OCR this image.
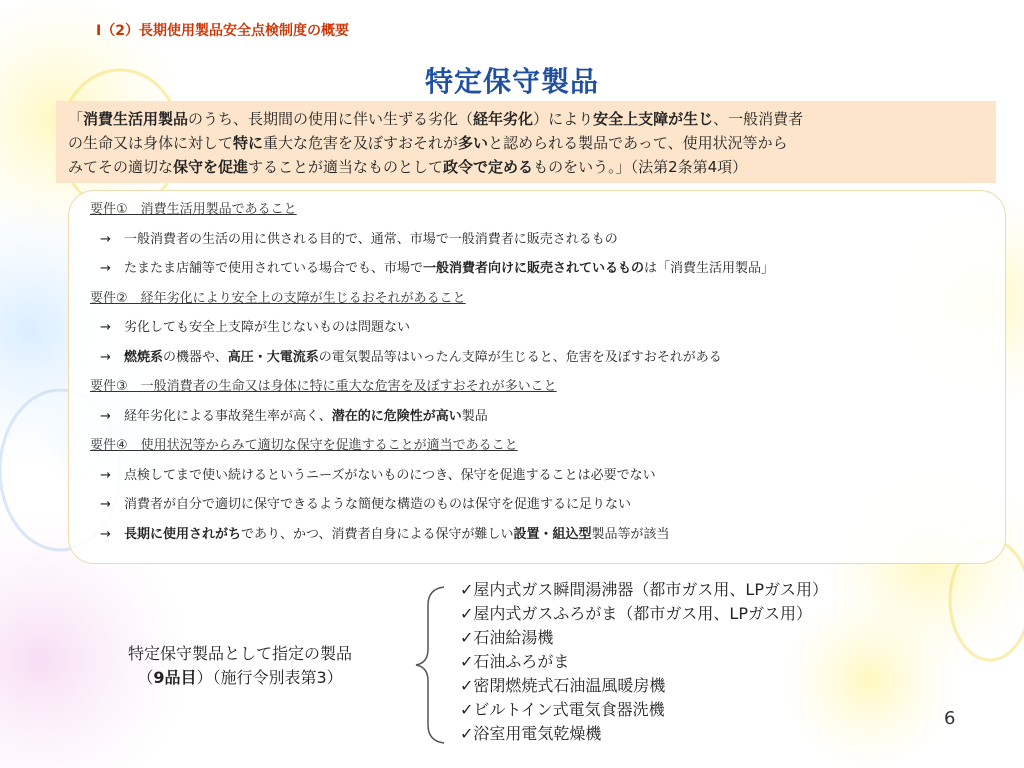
Ⅰ（2）長期使用製品安全点検制度の概要
特定保守製品
「消費生活用製品のうち、長期間の使用に伴い生ずる劣化（経年劣化）により安全上支障が生じ、一般消費者
の生命又は身体に対して特に重大な危害を及ぼすおそれが多いと認められる製品であって、使用状況等から
みてその適切な保守を促進することが適当なものとして政令で定めるものをいう。」（法第2条第4項）
要件①　消費生活用製品であること
→ 一般消費者の生活の用に供される目的で、通常、市場で一般消費者に販売されるもの
→ たまたま店舗等で使用されている場合でも、市場で一般消費者向けに販売されているものは「消費生活用製品」
要件②　経年劣化により安全上の支障が生じるおそれがあること
→ 劣化しても安全上支障が生じないものは問題ない
→ 燃焼系の機器や、高圧・大電流系の電気製品等はいったん支障が生じると、危害を及ぼすおそれがある
要件③　一般消費者の生命又は身体に特に重大な危害を及ぼすおそれが多いこと
→ 経年劣化による事故発生率が高く、潜在的に危険性が高い製品
要件④　使用状況等からみて適切な保守を促進することが適当であること
→ 点検してまで使い続けるというニーズがないものにつき、保守を促進することは必要でない
→ 消費者が自分で適切に保守できるような簡便な構造のものは保守を促進するに足りない
→ 長期に使用されがちであり、かつ、消費者自身による保守が難しい設置・組込型製品等が該当
特定保守製品として指定の製品
（9品目）（施行令別表第3）
✓屋内式ガス瞬間湯沸器（都市ガス用、LPガス用）
✓屋内式ガスふろがま（都市ガス用、LPガス用）
✓石油給湯機
✓石油ふろがま
✓密閉燃焼式石油温風暖房機
✓ビルトイン式電気食器洗機
✓浴室用電気乾燥機
6
